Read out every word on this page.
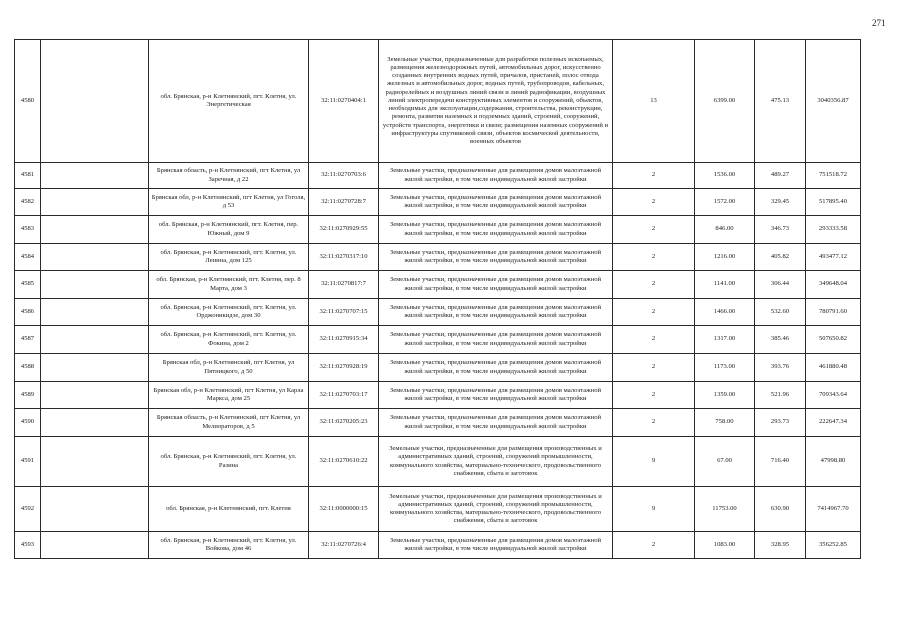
271
4580		обл. Брянская, р-н Клетнянский, пгт. Клетня, ул. Энергетическая	32:11:0270404:1	Земельные участки, предназначенные для разработки полезных ископаемых, размещения железнодорожных путей, автомобильных дорог, искусственно созданных внутренних водных путей, причалов, пристаней, полос отвода железных и автомобильных дорог, водных путей, трубопроводов, кабельных, радиорелейных и воздушных линий связи и линий радиофикации, воздушных линий электропередачи конструктивных элементов и сооружений, объектов, необходимых для эксплуатации,содержания, строительства, реконструкции, ремонта, развития наземных и подземных зданий, строений, сооружений, устройств транспорта, энергетики и связи; размещения наземных сооружений и инфраструктуры спутниковой связи, объектов космической деятельности, военных объектов	13	6399.00	475.13	3040356.87
4581		Брянская область, р-н Клетнянский, пгт Клетня, ул Заречная, д 22	32:11:0270703:6	Земельные участки, предназначенные для размещения домов малоэтажной жилой застройки, в том числе индивидуальной жилой застройки	2	1536.00	489.27	751518.72
4582		Брянская обл, р-н Клетнянский, пгт Клетня, ул Гоголя, д 53	32:11:0270728:7	Земельные участки, предназначенные для размещения домов малоэтажной жилой застройки, в том числе индивидуальной жилой застройки	2	1572.00	329.45	517895.40
4583		обл. Брянская, р-н Клетнянский, пгт. Клетня, пер. Южный, дом 9	32:11:0270929:55	Земельные участки, предназначенные для размещения домов малоэтажной жилой застройки, в том числе индивидуальной жилой застройки	2	846.00	346.73	293333.58
4584		обл. Брянская, р-н Клетнянский, пгт. Клетня, ул. Ленина, дом 125	32:11:0270317:10	Земельные участки, предназначенные для размещения домов малоэтажной жилой застройки, в том числе индивидуальной жилой застройки	2	1216.00	405.82	493477.12
4585		обл. Брянская, р-н Клетнянский, пгт. Клетня, пер. 8 Марта, дом 3	32:11:0270817:7	Земельные участки, предназначенные для размещения домов малоэтажной жилой застройки, в том числе индивидуальной жилой застройки	2	1141.00	306.44	349648.04
4586		обл. Брянская, р-н Клетнянский, пгт. Клетня, ул. Орджоникидзе, дом 30	32:11:0270707:15	Земельные участки, предназначенные для размещения домов малоэтажной жилой застройки, в том числе индивидуальной жилой застройки	2	1466.00	532.60	780791.60
4587		обл. Брянская, р-н Клетнянский, пгт. Клетня, ул. Фокина, дом 2	32:11:0270915:34	Земельные участки, предназначенные для размещения домов малоэтажной жилой застройки, в том числе индивидуальной жилой застройки	2	1317.00	385.46	507650.82
4588		Брянская обл, р-н Клетнянский, пгт Клетня, ул Пятницкого, д 50	32:11:0270928:19	Земельные участки, предназначенные для размещения домов малоэтажной жилой застройки, в том числе индивидуальной жилой застройки	2	1173.00	393.76	461880.48
4589		Брянская обл, р-н Клетнянский, пгт Клетня, ул Карла Маркса, дом 25	32:11:0270703:17	Земельные участки, предназначенные для размещения домов малоэтажной жилой застройки, в том числе индивидуальной жилой застройки	2	1359.00	521.96	709343.64
4590		Брянская область, р-н Клетнянский, пгт Клетня, ул Мелиораторов, д 5	32:11:0270205:23	Земельные участки, предназначенные для размещения домов малоэтажной жилой застройки, в том числе индивидуальной жилой застройки	2	758.00	293.73	222647.34
4591		обл. Брянская, р-н Клетнянский, пгт. Клетня, ул. Разина	32:11:0270610:22	Земельные участки, предназначенные для размещения производственных и административных зданий, строений, сооружений промышленности, коммунального хозяйства, материально-технического, продовольственного снабжения, сбыта и заготовок	9	67.00	716.40	47998.80
4592		обл. Брянская, р-н Клетнянский, пгт. Клетня	32:11:0000000:15	Земельные участки, предназначенные для размещения производственных и административных зданий, строений, сооружений промышленности, коммунального хозяйства, материально-технического, продовольственного снабжения, сбыта и заготовок	9	11753.00	630.90	7414967.70
4593		обл. Брянская, р-н Клетнянский, пгт. Клетня, ул. Войкова, дом 46	32:11:0270726:4	Земельные участки, предназначенные для размещения домов малоэтажной жилой застройки, в том числе индивидуальной жилой застройки	2	1083.00	328.95	356252.85
